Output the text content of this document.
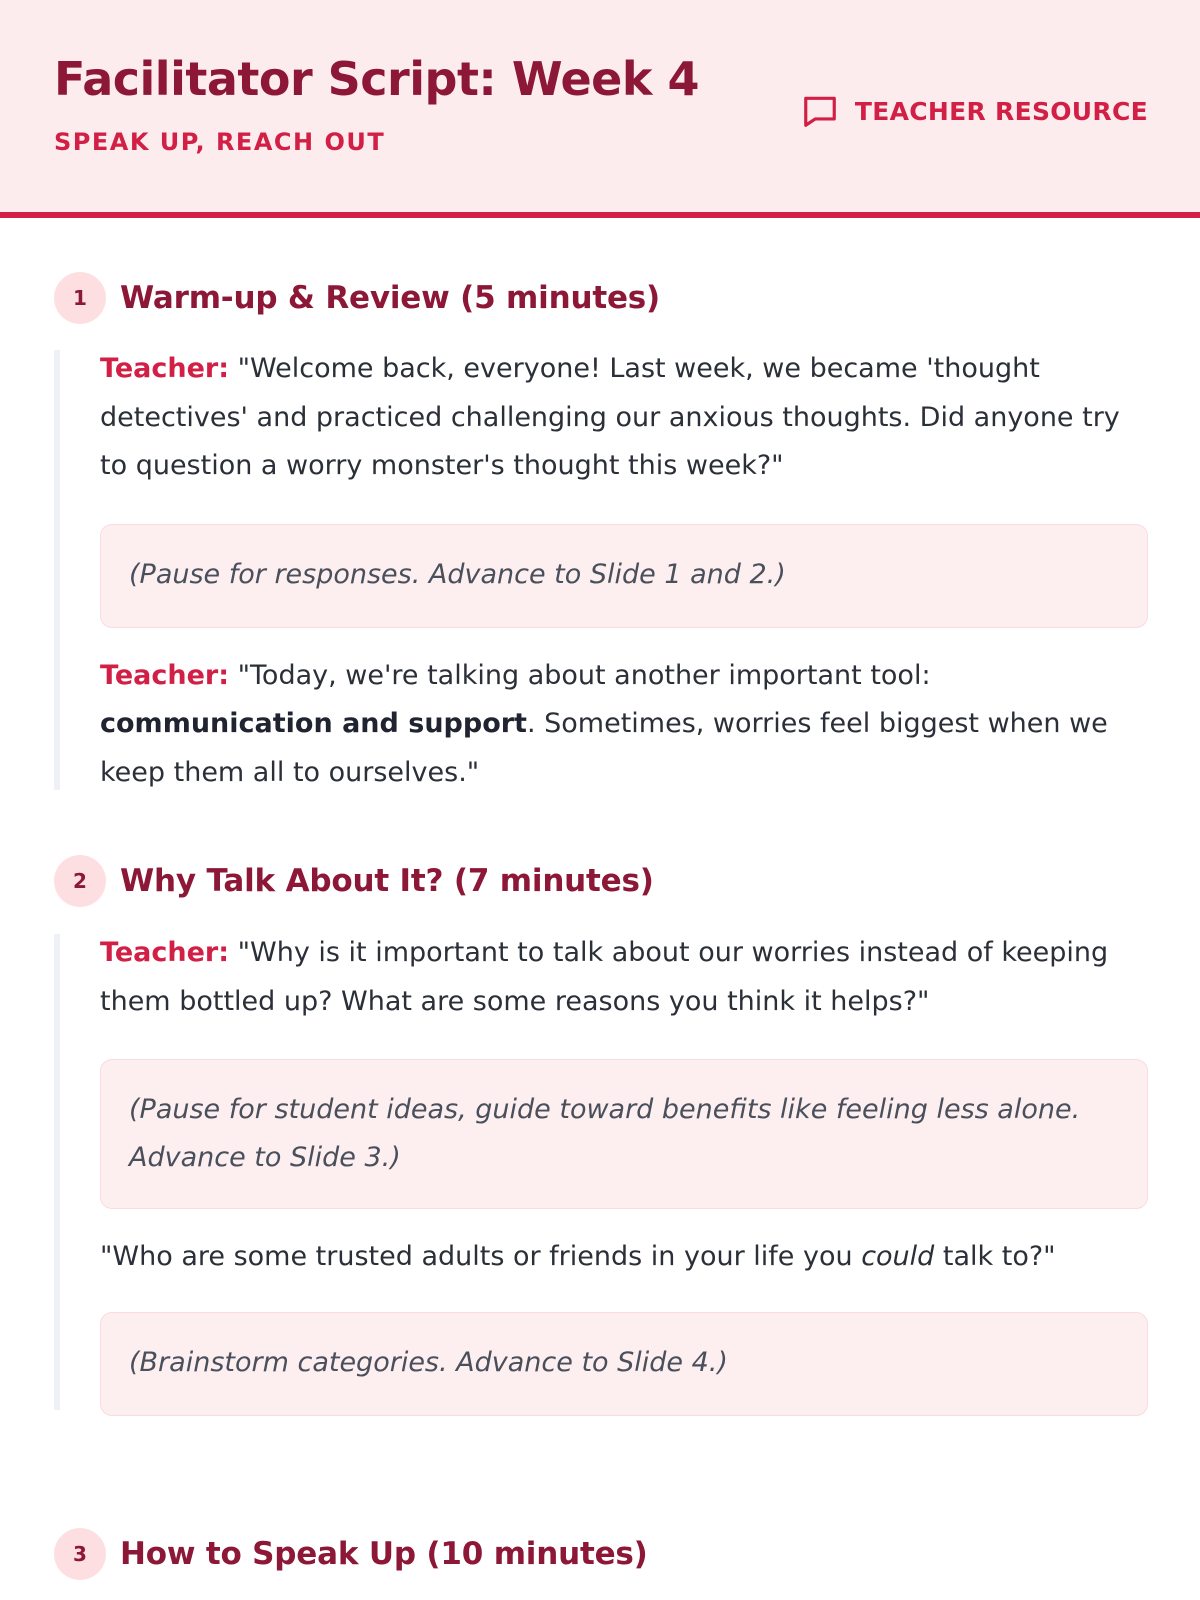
Facilitator Script: Week 4
SPEAK UP, REACH OUT
TEACHER RESOURCE
1	Warm-up & Review (5 minutes)

Teacher: "Welcome back, everyone! Last week, we became 'thought detectives' and practiced challenging our anxious thoughts. Did anyone try to question a worry monster's thought this week?"

(Pause for responses. Advance to Slide 1 and 2.)

Teacher: "Today, we're talking about another important tool: communication and support. Sometimes, worries feel biggest when we keep them all to ourselves."

2	Why Talk About It? (7 minutes)

Teacher: "Why is it important to talk about our worries instead of keeping them bottled up? What are some reasons you think it helps?"

(Pause for student ideas, guide toward benefits like feeling less alone. Advance to Slide 3.)

"Who are some trusted adults or friends in your life you could talk to?"

(Brainstorm categories. Advance to Slide 4.)

3	How to Speak Up (10 minutes)
